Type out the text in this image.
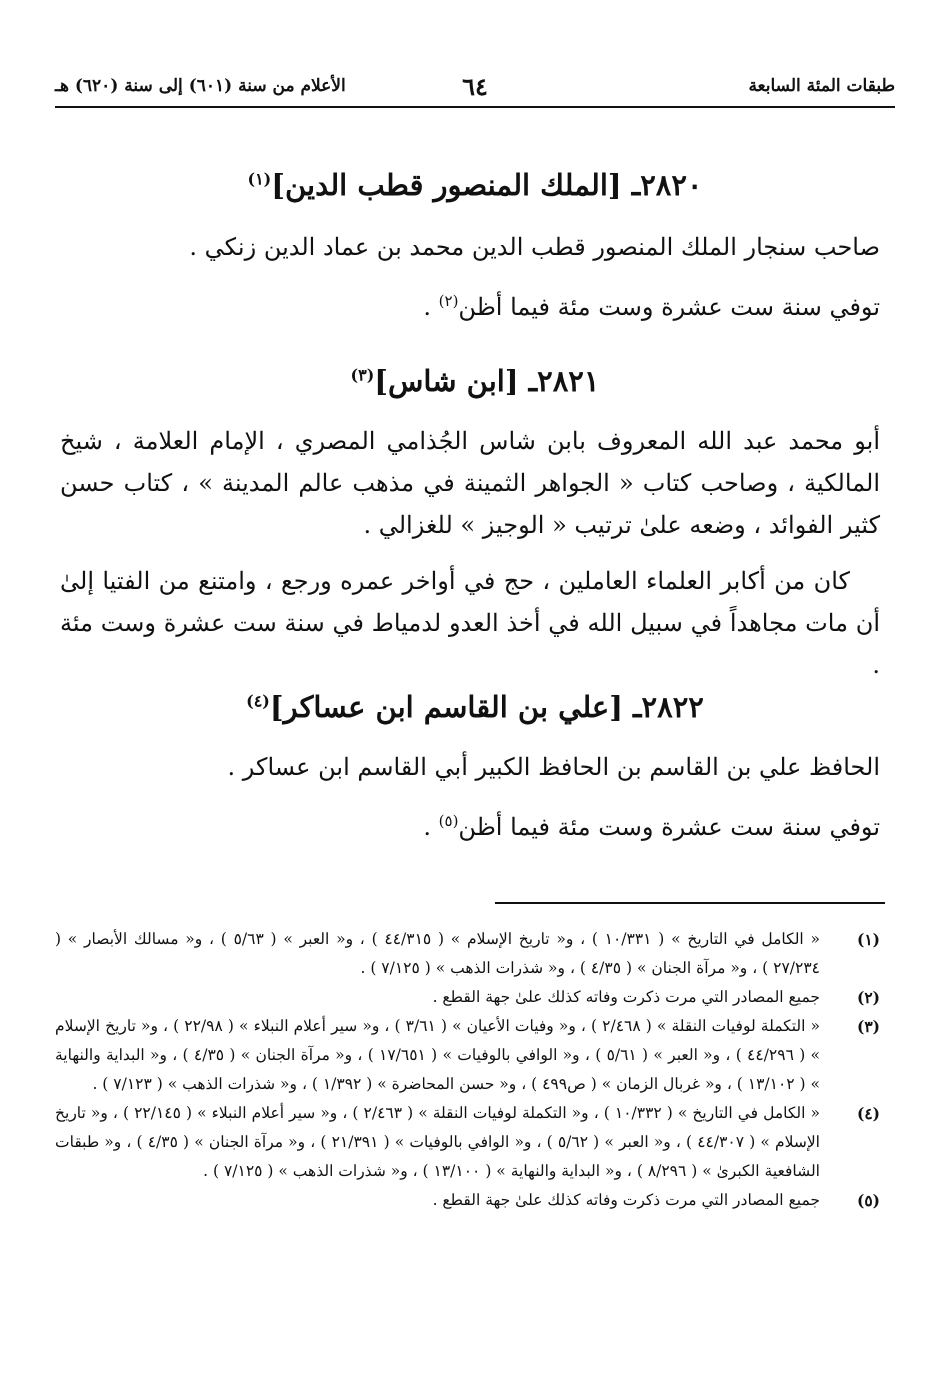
طبقات المئة السابعة
٦٤
الأعلام من سنة (٦٠١) إلى سنة (٦٢٠) هـ
٢٨٢٠ـ [الملك المنصور قطب الدين]$^{(١)}$
صاحب سنجار الملك المنصور قطب الدين محمد بن عماد الدين زنكي .
توفي سنة ست عشرة وست مئة فيما أظن$^{(٢)}$ .
٢٨٢١ـ [ابن شاس]$^{(٣)}$
أبو محمد عبد الله المعروف بابن شاس الجُذامي المصري ، الإمام العلامة ، شيخ المالكية ، وصاحب كتاب « الجواهر الثمينة في مذهب عالم المدينة » ، كتاب حسن كثير الفوائد ، وضعه علىٰ ترتيب « الوجيز » للغزالي .
كان من أكابر العلماء العاملين ، حج في أواخر عمره ورجع ، وامتنع من الفتيا إلىٰ أن مات مجاهداً في سبيل الله في أخذ العدو لدمياط في سنة ست عشرة وست مئة .
٢٨٢٢ـ [علي بن القاسم ابن عساكر]$^{(٤)}$
الحافظ علي بن القاسم بن الحافظ الكبير أبي القاسم ابن عساكر .
توفي سنة ست عشرة وست مئة فيما أظن$^{(٥)}$ .
(١)
« الكامل في التاريخ » ( ١٠/٣٣١ ) ، و« تاريخ الإسلام » ( ٤٤/٣١٥ ) ، و« العبر » ( ٥/٦٣ ) ، و« مسالك الأبصار » ( ٢٧/٢٣٤ ) ، و« مرآة الجنان » ( ٤/٣٥ ) ، و« شذرات الذهب » ( ٧/١٢٥ ) .
(٢)
جميع المصادر التي مرت ذكرت وفاته كذلك علىٰ جهة القطع .
(٣)
« التكملة لوفيات النقلة » ( ٢/٤٦٨ ) ، و« وفيات الأعيان » ( ٣/٦١ ) ، و« سير أعلام النبلاء » ( ٢٢/٩٨ ) ، و« تاريخ الإسلام » ( ٤٤/٢٩٦ ) ، و« العبر » ( ٥/٦١ ) ، و« الوافي بالوفيات » ( ١٧/٦٥١ ) ، و« مرآة الجنان » ( ٤/٣٥ ) ، و« البداية والنهاية » ( ١٣/١٠٢ ) ، و« غربال الزمان » ( ص٤٩٩ ) ، و« حسن المحاضرة » ( ١/٣٩٢ ) ، و« شذرات الذهب » ( ٧/١٢٣ ) .
(٤)
« الكامل في التاريخ » ( ١٠/٣٣٢ ) ، و« التكملة لوفيات النقلة » ( ٢/٤٦٣ ) ، و« سير أعلام النبلاء » ( ٢٢/١٤٥ ) ، و« تاريخ الإسلام » ( ٤٤/٣٠٧ ) ، و« العبر » ( ٥/٦٢ ) ، و« الوافي بالوفيات » ( ٢١/٣٩١ ) ، و« مرآة الجنان » ( ٤/٣٥ ) ، و« طبقات الشافعية الكبرىٰ » ( ٨/٢٩٦ ) ، و« البداية والنهاية » ( ١٣/١٠٠ ) ، و« شذرات الذهب » ( ٧/١٢٥ ) .
(٥)
جميع المصادر التي مرت ذكرت وفاته كذلك علىٰ جهة القطع .
